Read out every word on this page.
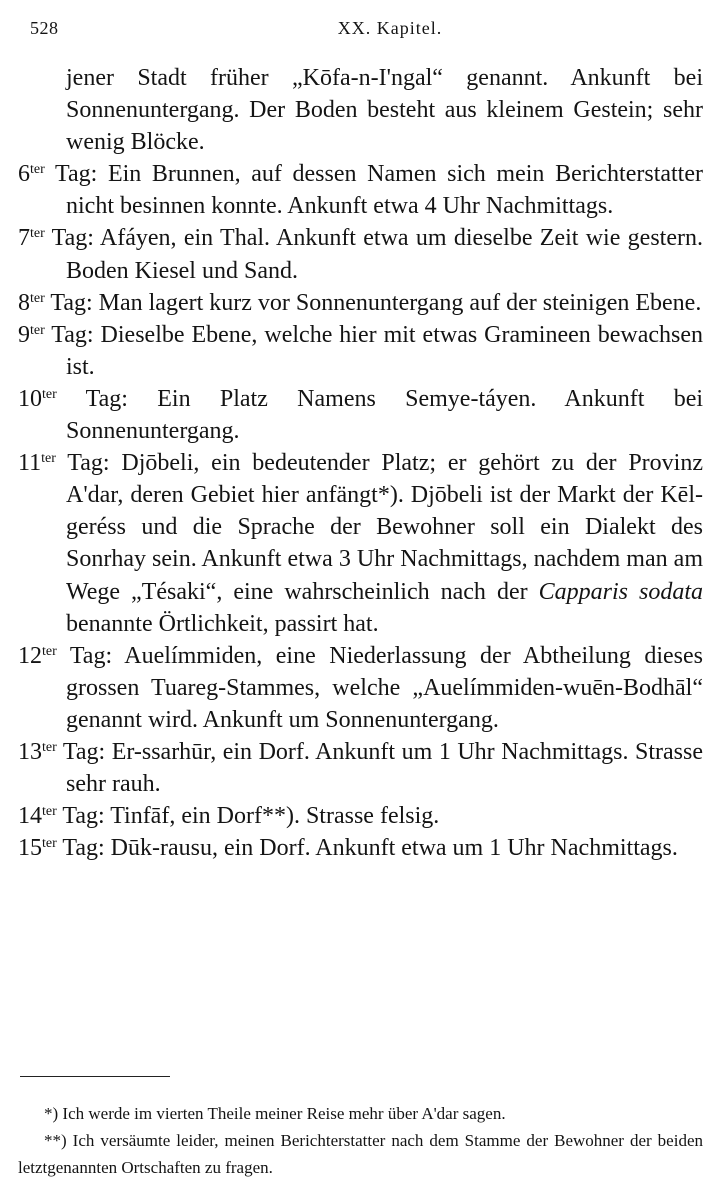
528	XX. Kapitel.

jener Stadt früher „Kōfa-n-I'ngal“ genannt. Ankunft bei Sonnenuntergang. Der Boden besteht aus kleinem Gestein; sehr wenig Blöcke.

$6^{ter}$ Tag: Ein Brunnen, auf dessen Namen sich mein Berichterstatter nicht besinnen konnte. Ankunft etwa 4 Uhr Nachmittags.

$7^{ter}$ Tag: Afáyen, ein Thal. Ankunft etwa um dieselbe Zeit wie gestern. Boden Kiesel und Sand.

$8^{ter}$ Tag: Man lagert kurz vor Sonnenuntergang auf der steinigen Ebene.

$9^{ter}$ Tag: Dieselbe Ebene, welche hier mit etwas Gramineen bewachsen ist.

$10^{ter}$ Tag: Ein Platz Namens Semye-táyen. Ankunft bei Sonnenuntergang.

$11^{ter}$ Tag: Djōbeli, ein bedeutender Platz; er gehört zu der Provinz A'dar, deren Gebiet hier anfängt*). Djōbeli ist der Markt der Kēl-geréss und die Sprache der Bewohner soll ein Dialekt des Sonrhay sein. Ankunft etwa 3 Uhr Nachmittags, nachdem man am Wege „Tésaki“, eine wahrscheinlich nach der Capparis sodata benannte Örtlichkeit, passirt hat.

$12^{ter}$ Tag: Auelímmiden, eine Niederlassung der Abtheilung dieses grossen Tuareg-Stammes, welche „Auelímmiden-wuēn-Bodhāl“ genannt wird. Ankunft um Sonnenuntergang.

$13^{ter}$ Tag: Er-ssarhūr, ein Dorf. Ankunft um 1 Uhr Nachmittags. Strasse sehr rauh.

$14^{ter}$ Tag: Tinfāf, ein Dorf**). Strasse felsig.

$15^{ter}$ Tag: Dūk-rausu, ein Dorf. Ankunft etwa um 1 Uhr Nachmittags.

*) Ich werde im vierten Theile meiner Reise mehr über A'dar sagen.

**) Ich versäumte leider, meinen Berichterstatter nach dem Stamme der Bewohner der beiden letztgenannten Ortschaften zu fragen.
